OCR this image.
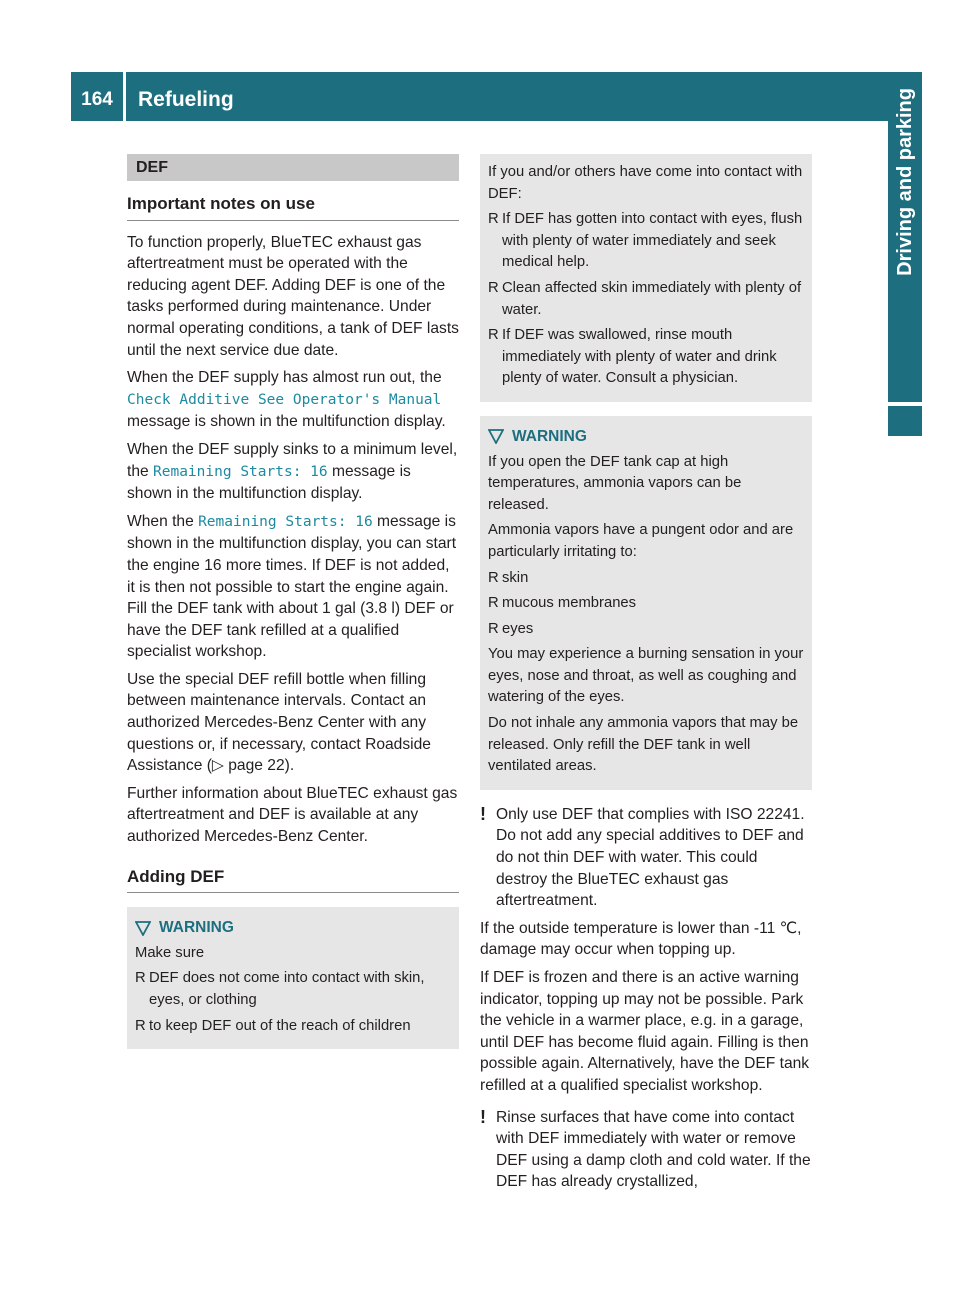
164	Refueling	Driving and parking
DEF
Important notes on use

To function properly, BlueTEC exhaust gas aftertreatment must be operated with the reducing agent DEF. Adding DEF is one of the tasks performed during maintenance. Under normal operating conditions, a tank of DEF lasts until the next service due date.

When the DEF supply has almost run out, the Check Additive See Operator's Manual message is shown in the multifunction display.

When the DEF supply sinks to a minimum level, the Remaining Starts: 16 message is shown in the multifunction display.

When the Remaining Starts: 16 message is shown in the multifunction display, you can start the engine 16 more times. If DEF is not added, it is then not possible to start the engine again. Fill the DEF tank with about 1 gal (3.8 l) DEF or have the DEF tank refilled at a qualified specialist workshop.

Use the special DEF refill bottle when filling between maintenance intervals. Contact an authorized Mercedes-Benz Center with any questions or, if necessary, contact Roadside Assistance (▷ page 22).

Further information about BlueTEC exhaust gas aftertreatment and DEF is available at any authorized Mercedes-Benz Center.

Adding DEF
WARNING

Make sure

R DEF does not come into contact with skin, eyes, or clothing
R to keep DEF out of the reach of children

If you and/or others have come into contact with DEF:

R If DEF has gotten into contact with eyes, flush with plenty of water immediately and seek medical help.
R Clean affected skin immediately with plenty of water.
R If DEF was swallowed, rinse mouth immediately with plenty of water and drink plenty of water. Consult a physician.
WARNING

If you open the DEF tank cap at high temperatures, ammonia vapors can be released.

Ammonia vapors have a pungent odor and are particularly irritating to:

R skin
R mucous membranes
R eyes

You may experience a burning sensation in your eyes, nose and throat, as well as coughing and watering of the eyes.

Do not inhale any ammonia vapors that may be released. Only refill the DEF tank in well ventilated areas.

! Only use DEF that complies with ISO 22241. Do not add any special additives to DEF and do not thin DEF with water. This could destroy the BlueTEC exhaust gas aftertreatment.

If the outside temperature is lower than ‑11 ℃, damage may occur when topping up.

If DEF is frozen and there is an active warning indicator, topping up may not be possible. Park the vehicle in a warmer place, e.g. in a garage, until DEF has become fluid again. Filling is then possible again. Alternatively, have the DEF tank refilled at a qualified specialist workshop.

! Rinse surfaces that have come into contact with DEF immediately with water or remove DEF using a damp cloth and cold water. If the DEF has already crystallized,
